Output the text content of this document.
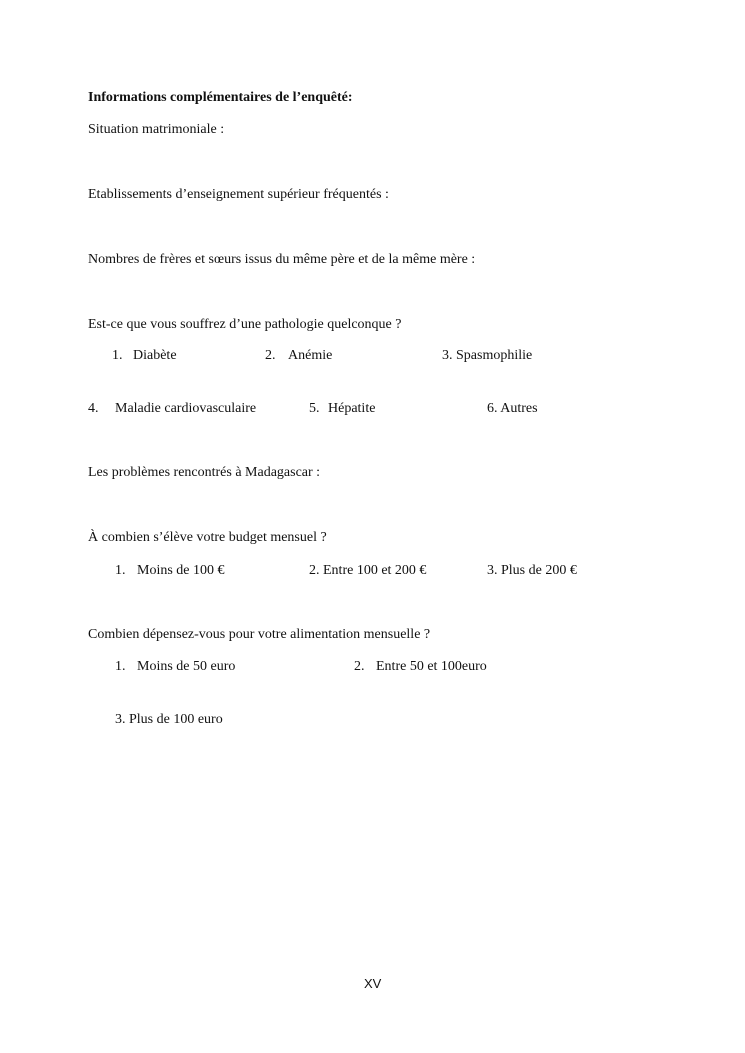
Informations complémentaires de l’enquêté:
Situation matrimoniale :
Etablissements d’enseignement supérieur fréquentés :
Nombres de frères et sœurs issus du même père et de la même mère :
Est-ce que vous souffrez d’une pathologie quelconque ?
1. Diabète	2. Anémie	3. Spasmophilie
4. Maladie cardiovasculaire	5. Hépatite	6. Autres
Les problèmes rencontrés à Madagascar :
À combien s’élève votre budget mensuel ?
1. Moins de 100 €	2. Entre 100 et 200 €	3. Plus de 200 €
Combien dépensez-vous pour votre alimentation mensuelle ?
1. Moins de 50 euro	2. Entre 50 et 100euro
3. Plus de 100 euro
XV
